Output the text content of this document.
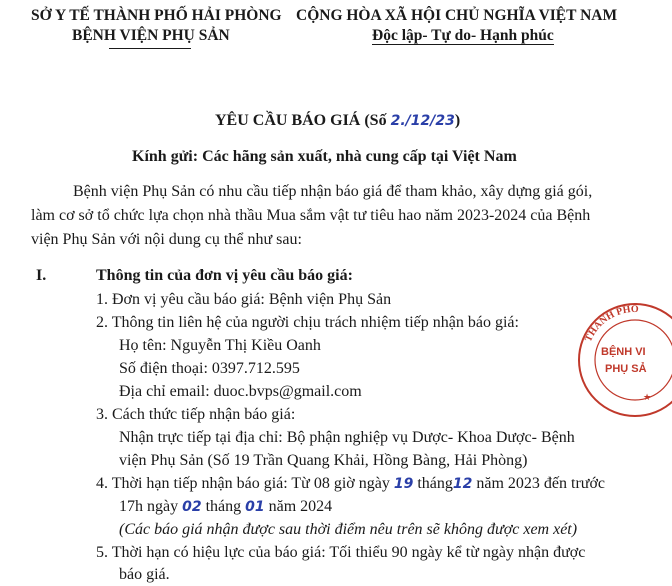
SỞ Y TẾ THÀNH PHỐ HẢI PHÒNG
BỆNH VIỆN PHỤ SẢN
CỘNG HÒA XÃ HỘI CHỦ NGHĨA VIỆT NAM
Độc lập- Tự do- Hạnh phúc
YÊU CẦU BÁO GIÁ (Số 2./12/23)
Kính gửi: Các hãng sản xuất, nhà cung cấp tại Việt Nam
Bệnh viện Phụ Sản có nhu cầu tiếp nhận báo giá để tham khảo, xây dựng giá gói,
làm cơ sở tổ chức lựa chọn nhà thầu Mua sắm vật tư tiêu hao năm 2023-2024 của Bệnh
viện Phụ Sản với nội dung cụ thể như sau:
I.	Thông tin của đơn vị yêu cầu báo giá:
1. Đơn vị yêu cầu báo giá: Bệnh viện Phụ Sản
2. Thông tin liên hệ của người chịu trách nhiệm tiếp nhận báo giá:
Họ tên: Nguyễn Thị Kiều Oanh
Số điện thoại: 0397.712.595
Địa chỉ email: duoc.bvps@gmail.com
3. Cách thức tiếp nhận báo giá:
Nhận trực tiếp tại địa chỉ: Bộ phận nghiệp vụ Dược- Khoa Dược- Bệnh
viện Phụ Sản (Số 19 Trần Quang Khải, Hồng Bàng, Hải Phòng)
4. Thời hạn tiếp nhận báo giá: Từ 08 giờ ngày 19 tháng12 năm 2023 đến trước
17h ngày 02 tháng 01 năm 2024
(Các báo giá nhận được sau thời điểm nêu trên sẽ không được xem xét)
5. Thời hạn có hiệu lực của báo giá: Tối thiểu 90 ngày kể từ ngày nhận được
báo giá.
THÀNH PHỐ
BỆNH VI
PHỤ SẢ
★
